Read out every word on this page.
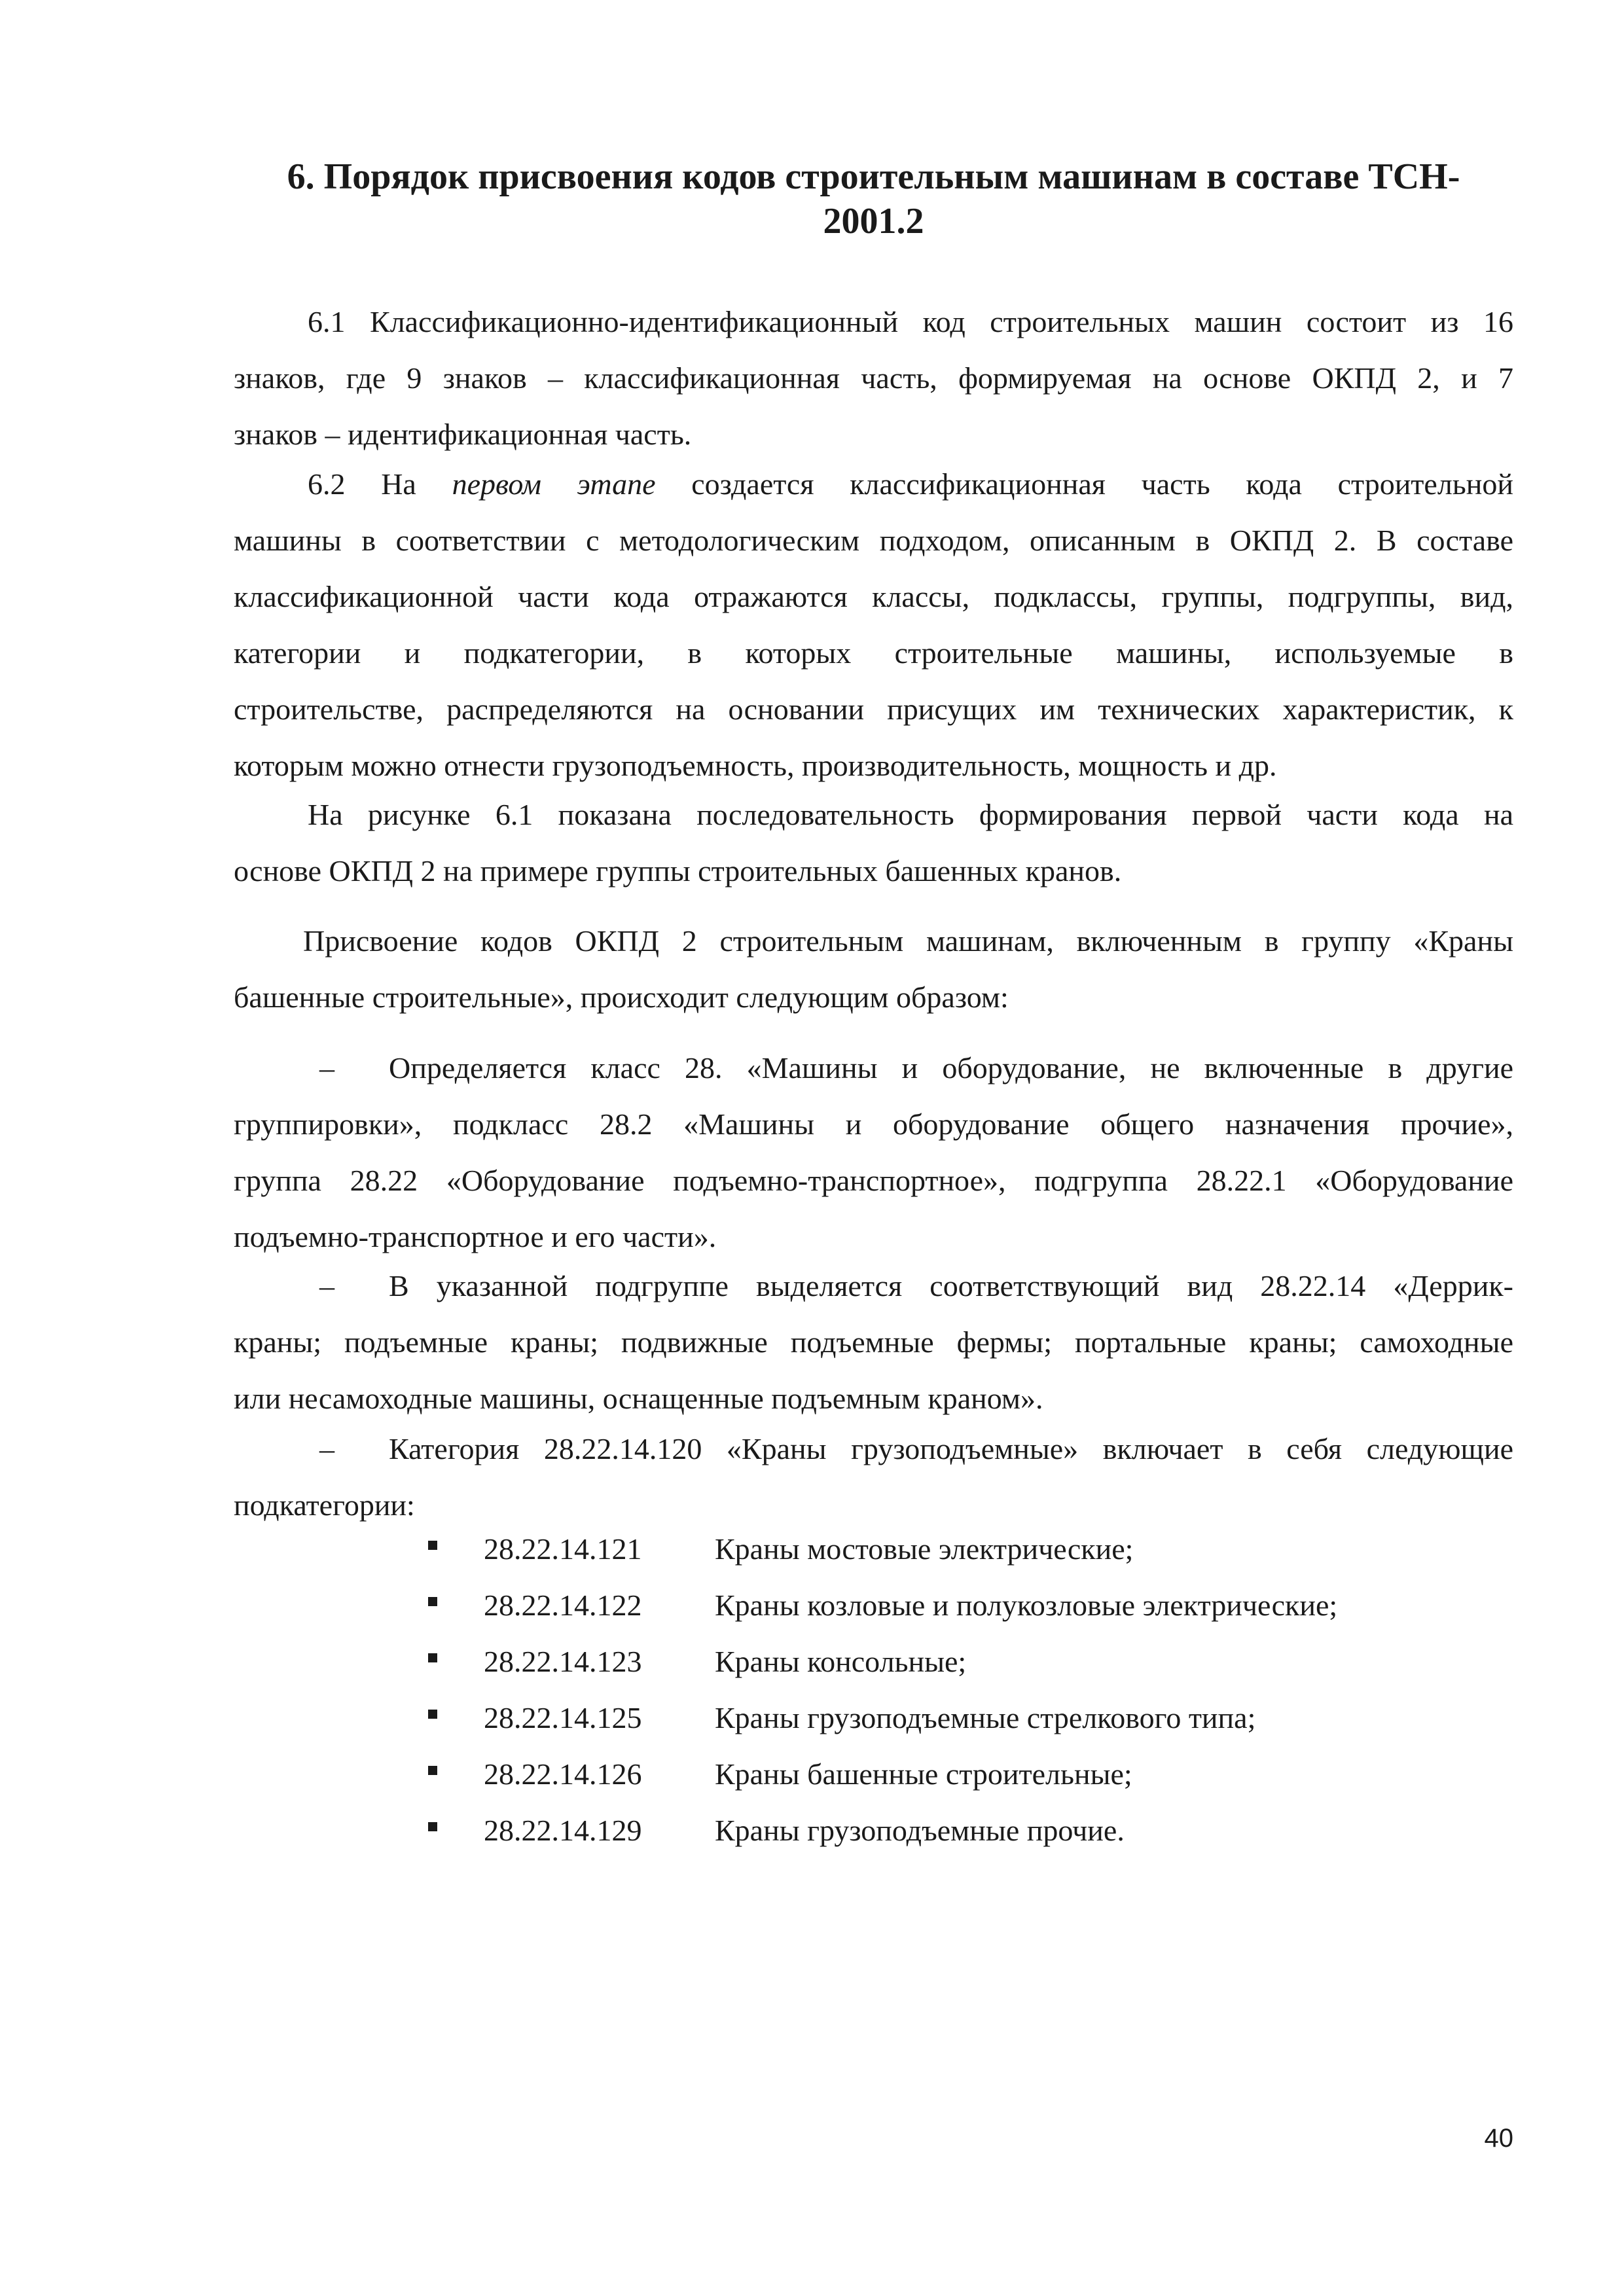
6. Порядок присвоения кодов строительным машинам в составе ТСН-
2001.2
6.1 Классификационно-идентификационный код строительных машин состоит из 16
знаков, где 9 знаков – классификационная часть, формируемая на основе ОКПД 2, и 7
знаков – идентификационная часть.
6.2 На первом этапе создается классификационная часть кода строительной
машины в соответствии с методологическим подходом, описанным в ОКПД 2. В составе
классификационной части кода отражаются классы, подклассы, группы, подгруппы, вид,
категории и подкатегории, в которых строительные машины, используемые в
строительстве, распределяются на основании присущих им технических характеристик, к
которым можно отнести грузоподъемность, производительность, мощность и др.
На рисунке 6.1 показана последовательность формирования первой части кода на
основе ОКПД 2 на примере группы строительных башенных кранов.
Присвоение кодов ОКПД 2 строительным машинам, включенным в группу «Краны
башенные строительные», происходит следующим образом:
– Определяется класс 28. «Машины и оборудование, не включенные в другие
группировки», подкласс 28.2 «Машины и оборудование общего назначения прочие»,
группа 28.22 «Оборудование подъемно-транспортное», подгруппа 28.22.1 «Оборудование
подъемно-транспортное и его части».
– В указанной подгруппе выделяется соответствующий вид 28.22.14 «Деррик-
краны; подъемные краны; подвижные подъемные фермы; портальные краны; самоходные
или несамоходные машины, оснащенные подъемным краном».
– Категория 28.22.14.120 «Краны грузоподъемные» включает в себя следующие
подкатегории:
28.22.14.121 Краны мостовые электрические;
28.22.14.122 Краны козловые и полукозловые электрические;
28.22.14.123 Краны консольные;
28.22.14.125 Краны грузоподъемные стрелкового типа;
28.22.14.126 Краны башенные строительные;
28.22.14.129 Краны грузоподъемные прочие.
40
